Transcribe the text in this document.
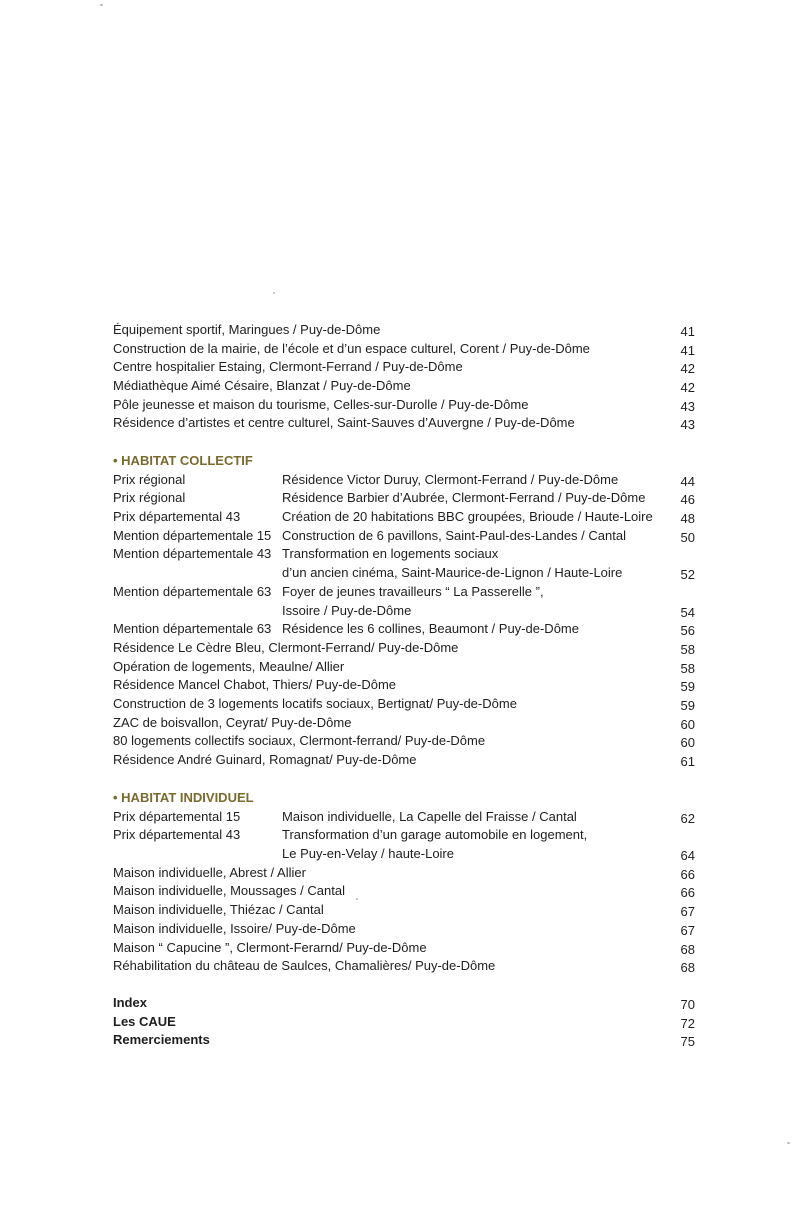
Équipement sportif, Maringues / Puy-de-Dôme	41
Construction de la mairie, de l’école et d’un espace culturel, Corent / Puy-de-Dôme	41
Centre hospitalier Estaing, Clermont-Ferrand / Puy-de-Dôme	42
Médiathèque Aimé Césaire, Blanzat / Puy-de-Dôme	42
Pôle jeunesse et maison du tourisme, Celles-sur-Durolle / Puy-de-Dôme	43
Résidence d’artistes et centre culturel, Saint-Sauves d’Auvergne / Puy-de-Dôme	43
• HABITAT COLLECTIF
Prix régional	Résidence Victor Duruy, Clermont-Ferrand / Puy-de-Dôme	44
Prix régional	Résidence Barbier d’Aubrée, Clermont-Ferrand / Puy-de-Dôme	46
Prix départemental 43	Création de 20 habitations BBC groupées, Brioude / Haute-Loire	48
Mention départementale 15 Construction de 6 pavillons, Saint-Paul-des-Landes / Cantal	50
Mention départementale 43 Transformation en logements sociaux
d’un ancien cinéma, Saint-Maurice-de-Lignon / Haute-Loire	52
Mention départementale 63 Foyer de jeunes travailleurs “ La Passerelle ”,
Issoire / Puy-de-Dôme	54
Mention départementale 63 Résidence les 6 collines, Beaumont / Puy-de-Dôme	56
Résidence Le Cèdre Bleu, Clermont-Ferrand/ Puy-de-Dôme	58
Opération de logements, Meaulne/ Allier	58
Résidence Mancel Chabot, Thiers/ Puy-de-Dôme	59
Construction de 3 logements locatifs sociaux, Bertignat/ Puy-de-Dôme	59
ZAC de boisvallon, Ceyrat/ Puy-de-Dôme	60
80 logements collectifs sociaux, Clermont-ferrand/ Puy-de-Dôme	60
Résidence André Guinard, Romagnat/ Puy-de-Dôme	61
• HABITAT INDIVIDUEL
Prix départemental 15	Maison individuelle, La Capelle del Fraisse / Cantal	62
Prix départemental 43	Transformation d’un garage automobile en logement,
Le Puy-en-Velay / haute-Loire	64
Maison individuelle, Abrest / Allier	66
Maison individuelle, Moussages / Cantal	66
Maison individuelle, Thiézac / Cantal	67
Maison individuelle, Issoire/ Puy-de-Dôme	67
Maison “ Capucine ”, Clermont-Ferarnd/ Puy-de-Dôme	68
Réhabilitation du château de Saulces, Chamalières/ Puy-de-Dôme	68
Index	70
Les CAUE	72
Remerciements	75
